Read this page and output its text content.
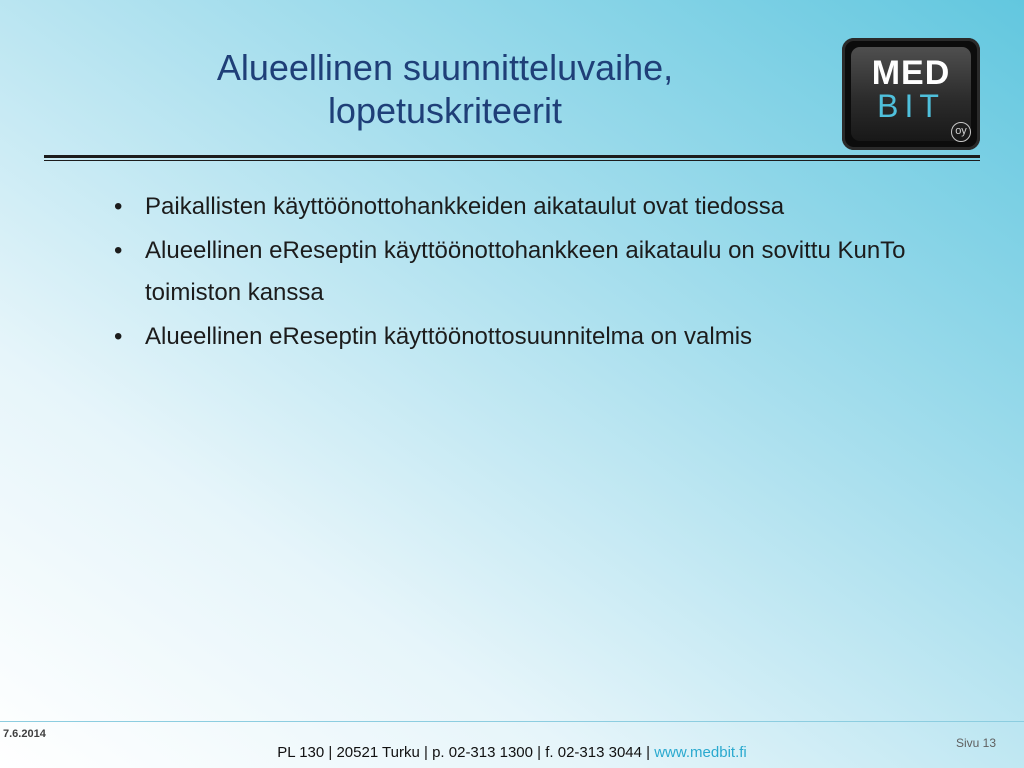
Alueellinen suunnitteluvaihe,
lopetuskriteerit
MED
BIT
oy
• Paikallisten käyttöönottohankkeiden aikataulut ovat tiedossa
• Alueellinen eReseptin käyttöönottohankkeen aikataulu on sovittu KunTo toimiston kanssa
• Alueellinen eReseptin käyttöönottosuunnitelma on valmis
7.6.2014
Sivu 13
PL 130 | 20521 Turku | p. 02-313 1300 | f. 02-313 3044 | www.medbit.fi
